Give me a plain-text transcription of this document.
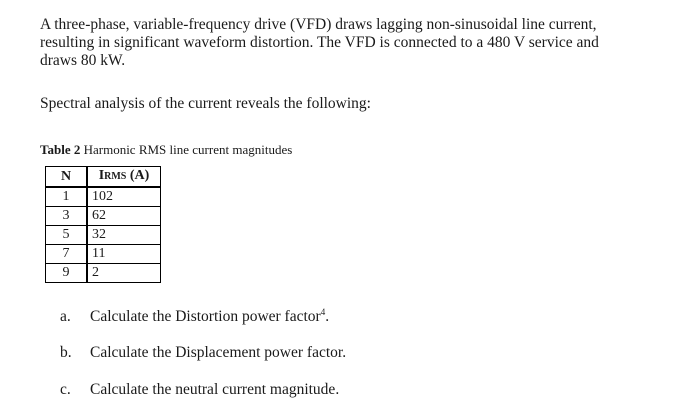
A three-phase, variable-frequency drive (VFD) draws lagging non-sinusoidal line current,
resulting in significant waveform distortion. The VFD is connected to a 480 V service and
draws 80 kW.
Spectral analysis of the current reveals the following:
Table 2 Harmonic RMS line current magnitudes
N	IRMS (A)
1	102
3	62
5	32
7	11
9	2
a. Calculate the Distortion power factor$^4$.
b. Calculate the Displacement power factor.
c. Calculate the neutral current magnitude.
